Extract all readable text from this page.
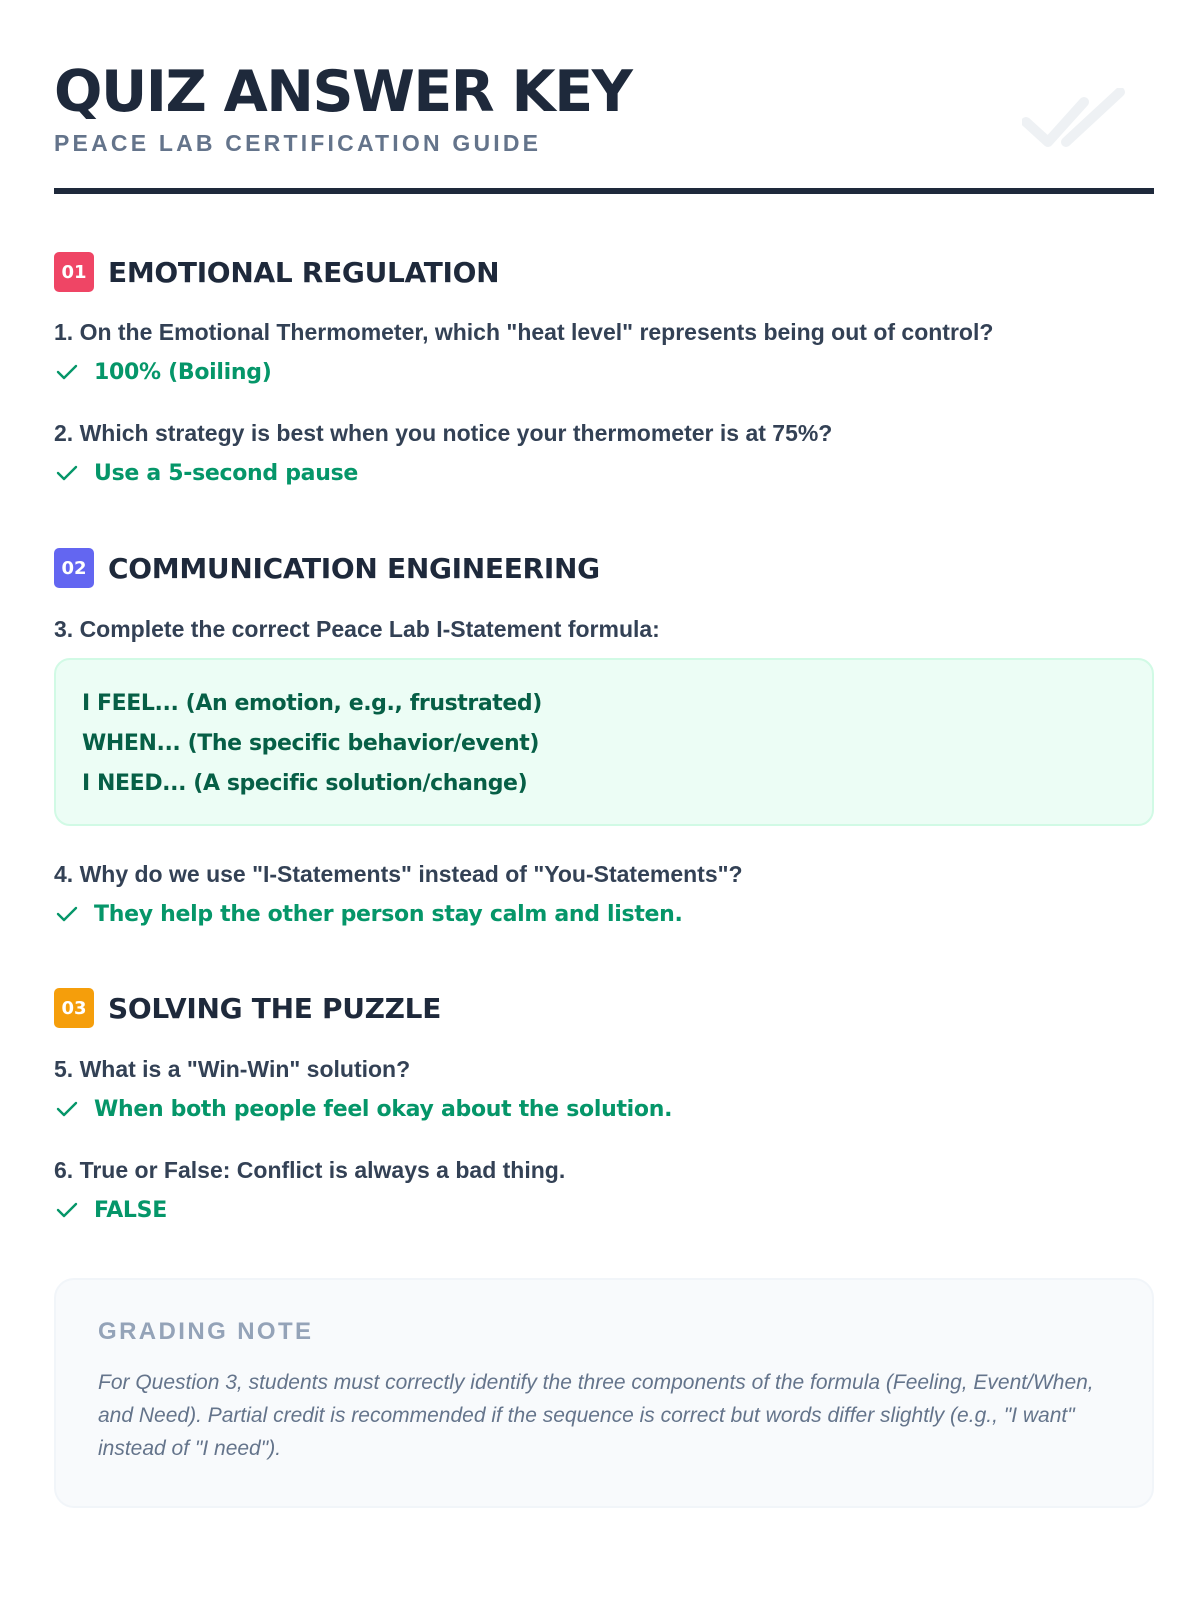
QUIZ ANSWER KEY
PEACE LAB CERTIFICATION GUIDE
01 EMOTIONAL REGULATION
1. On the Emotional Thermometer, which "heat level" represents being out of control?
100% (Boiling)
2. Which strategy is best when you notice your thermometer is at 75%?
Use a 5-second pause
02 COMMUNICATION ENGINEERING
3. Complete the correct Peace Lab I-Statement formula:
I FEEL... (An emotion, e.g., frustrated)
WHEN... (The specific behavior/event)
I NEED... (A specific solution/change)
4. Why do we use "I-Statements" instead of "You-Statements"?
They help the other person stay calm and listen.
03 SOLVING THE PUZZLE
5. What is a "Win-Win" solution?
When both people feel okay about the solution.
6. True or False: Conflict is always a bad thing.
FALSE
GRADING NOTE
For Question 3, students must correctly identify the three components of the formula (Feeling, Event/When, and Need). Partial credit is recommended if the sequence is correct but words differ slightly (e.g., "I want" instead of "I need").
